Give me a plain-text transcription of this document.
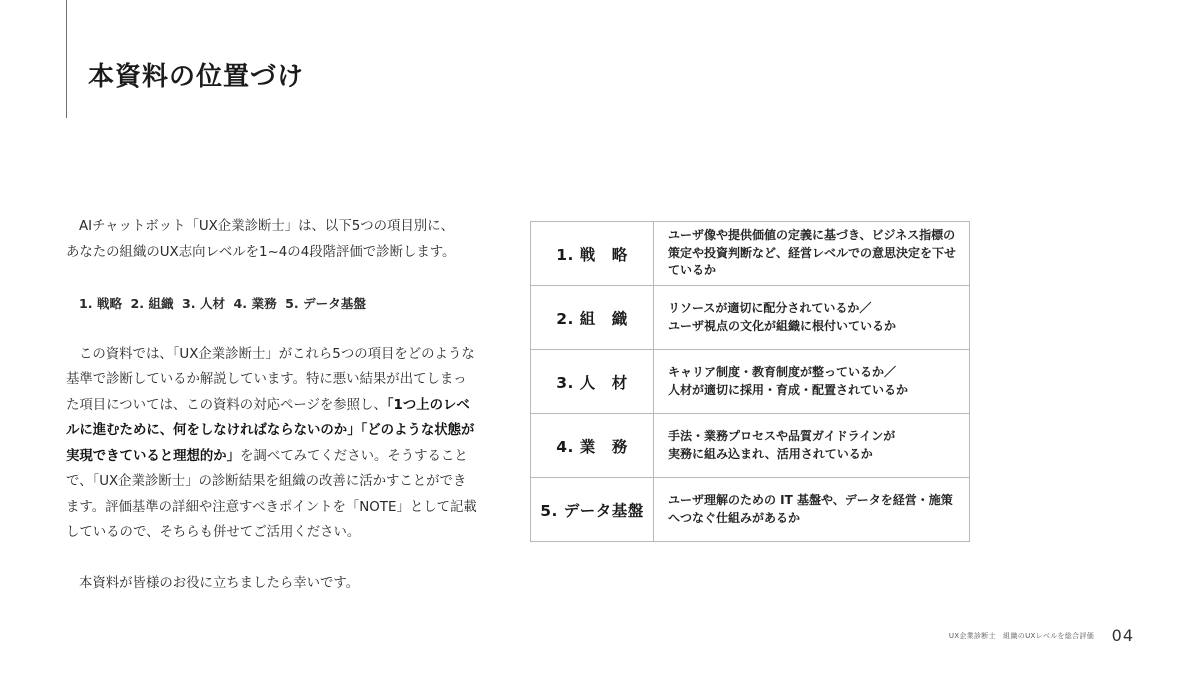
本資料の位置づけ

AIチャットボット「UX企業診断士」は、以下5つの項目別に、
あなたの組織のUX志向レベルを1~4の4段階評価で診断します。

1. 戦略 2. 組織 3. 人材 4. 業務 5. データ基盤

この資料では、「UX企業診断士」がこれら5つの項目をどのような基準で診断しているか解説しています。特に悪い結果が出てしまった項目については、この資料の対応ページを参照し、「1つ上のレベルに進むために、何をしなければならないのか」「どのような状態が実現できていると理想的か」を調べてみてください。そうすることで、「UX企業診断士」の診断結果を組織の改善に活かすことができます。評価基準の詳細や注意すべきポイントを「NOTE」として記載しているので、そちらも併せてご活用ください。

本資料が皆様のお役に立ちましたら幸いです。

1. 戦　略	ユーザ像や提供価値の定義に基づき、ビジネス指標の策定や投資判断など、経営レベルでの意思決定を下せているか
2. 組　織	リソースが適切に配分されているか／
ユーザ視点の文化が組織に根付いているか
3. 人　材	キャリア制度・教育制度が整っているか／
人材が適切に採用・育成・配置されているか
4. 業　務	手法・業務プロセスや品質ガイドラインが
実務に組み込まれ、活用されているか
5. データ基盤	ユーザ理解のための IT 基盤や、データを経営・施策へつなぐ仕組みがあるか
UX企業診断士　組織のUXレベルを総合評価 04
